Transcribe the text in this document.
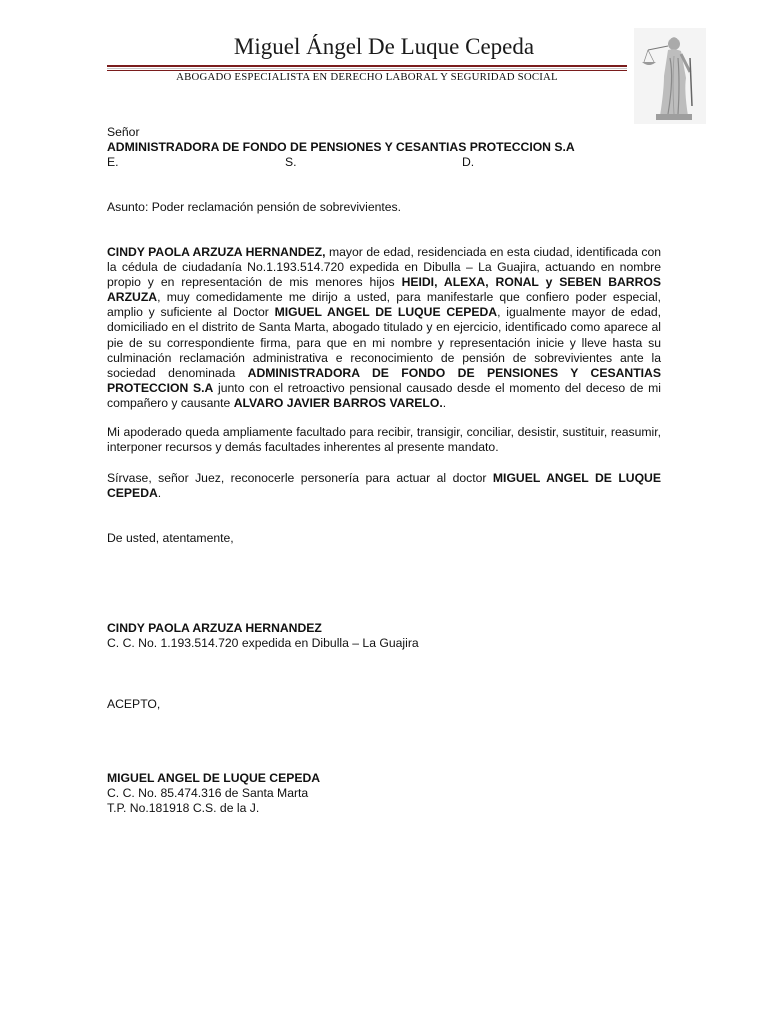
Miguel Ángel De Luque Cepeda
ABOGADO ESPECIALISTA EN DERECHO LABORAL Y SEGURIDAD SOCIAL
Señor
ADMINISTRADORA DE FONDO DE PENSIONES Y CESANTIAS PROTECCION S.A
E.	S.	D.
Asunto: Poder reclamación pensión de sobrevivientes.
CINDY PAOLA ARZUZA HERNANDEZ, mayor de edad, residenciada en esta ciudad, identificada con la cédula de ciudadanía No.1.193.514.720 expedida en Dibulla – La Guajira, actuando en nombre propio y en representación de mis menores hijos HEIDI, ALEXA, RONAL y SEBEN BARROS ARZUZA, muy comedidamente me dirijo a usted, para manifestarle que confiero poder especial, amplio y suficiente al Doctor MIGUEL ANGEL DE LUQUE CEPEDA, igualmente mayor de edad, domiciliado en el distrito de Santa Marta, abogado titulado y en ejercicio, identificado como aparece al pie de su correspondiente firma, para que en mi nombre y representación inicie y lleve hasta su culminación reclamación administrativa e reconocimiento de pensión de sobrevivientes ante la sociedad denominada ADMINISTRADORA DE FONDO DE PENSIONES Y CESANTIAS PROTECCION S.A junto con el retroactivo pensional causado desde el momento del deceso de mi compañero y causante ALVARO JAVIER BARROS VARELO..
Mi apoderado queda ampliamente facultado para recibir, transigir, conciliar, desistir, sustituir, reasumir, interponer recursos y demás facultades inherentes al presente mandato.
Sírvase, señor Juez, reconocerle personería para actuar al doctor MIGUEL ANGEL DE LUQUE CEPEDA.
De usted, atentamente,
CINDY PAOLA ARZUZA HERNANDEZ
C. C. No. 1.193.514.720 expedida en Dibulla – La Guajira
ACEPTO,
MIGUEL ANGEL DE LUQUE CEPEDA
C. C. No. 85.474.316 de Santa Marta
T.P. No.181918 C.S. de la J.
